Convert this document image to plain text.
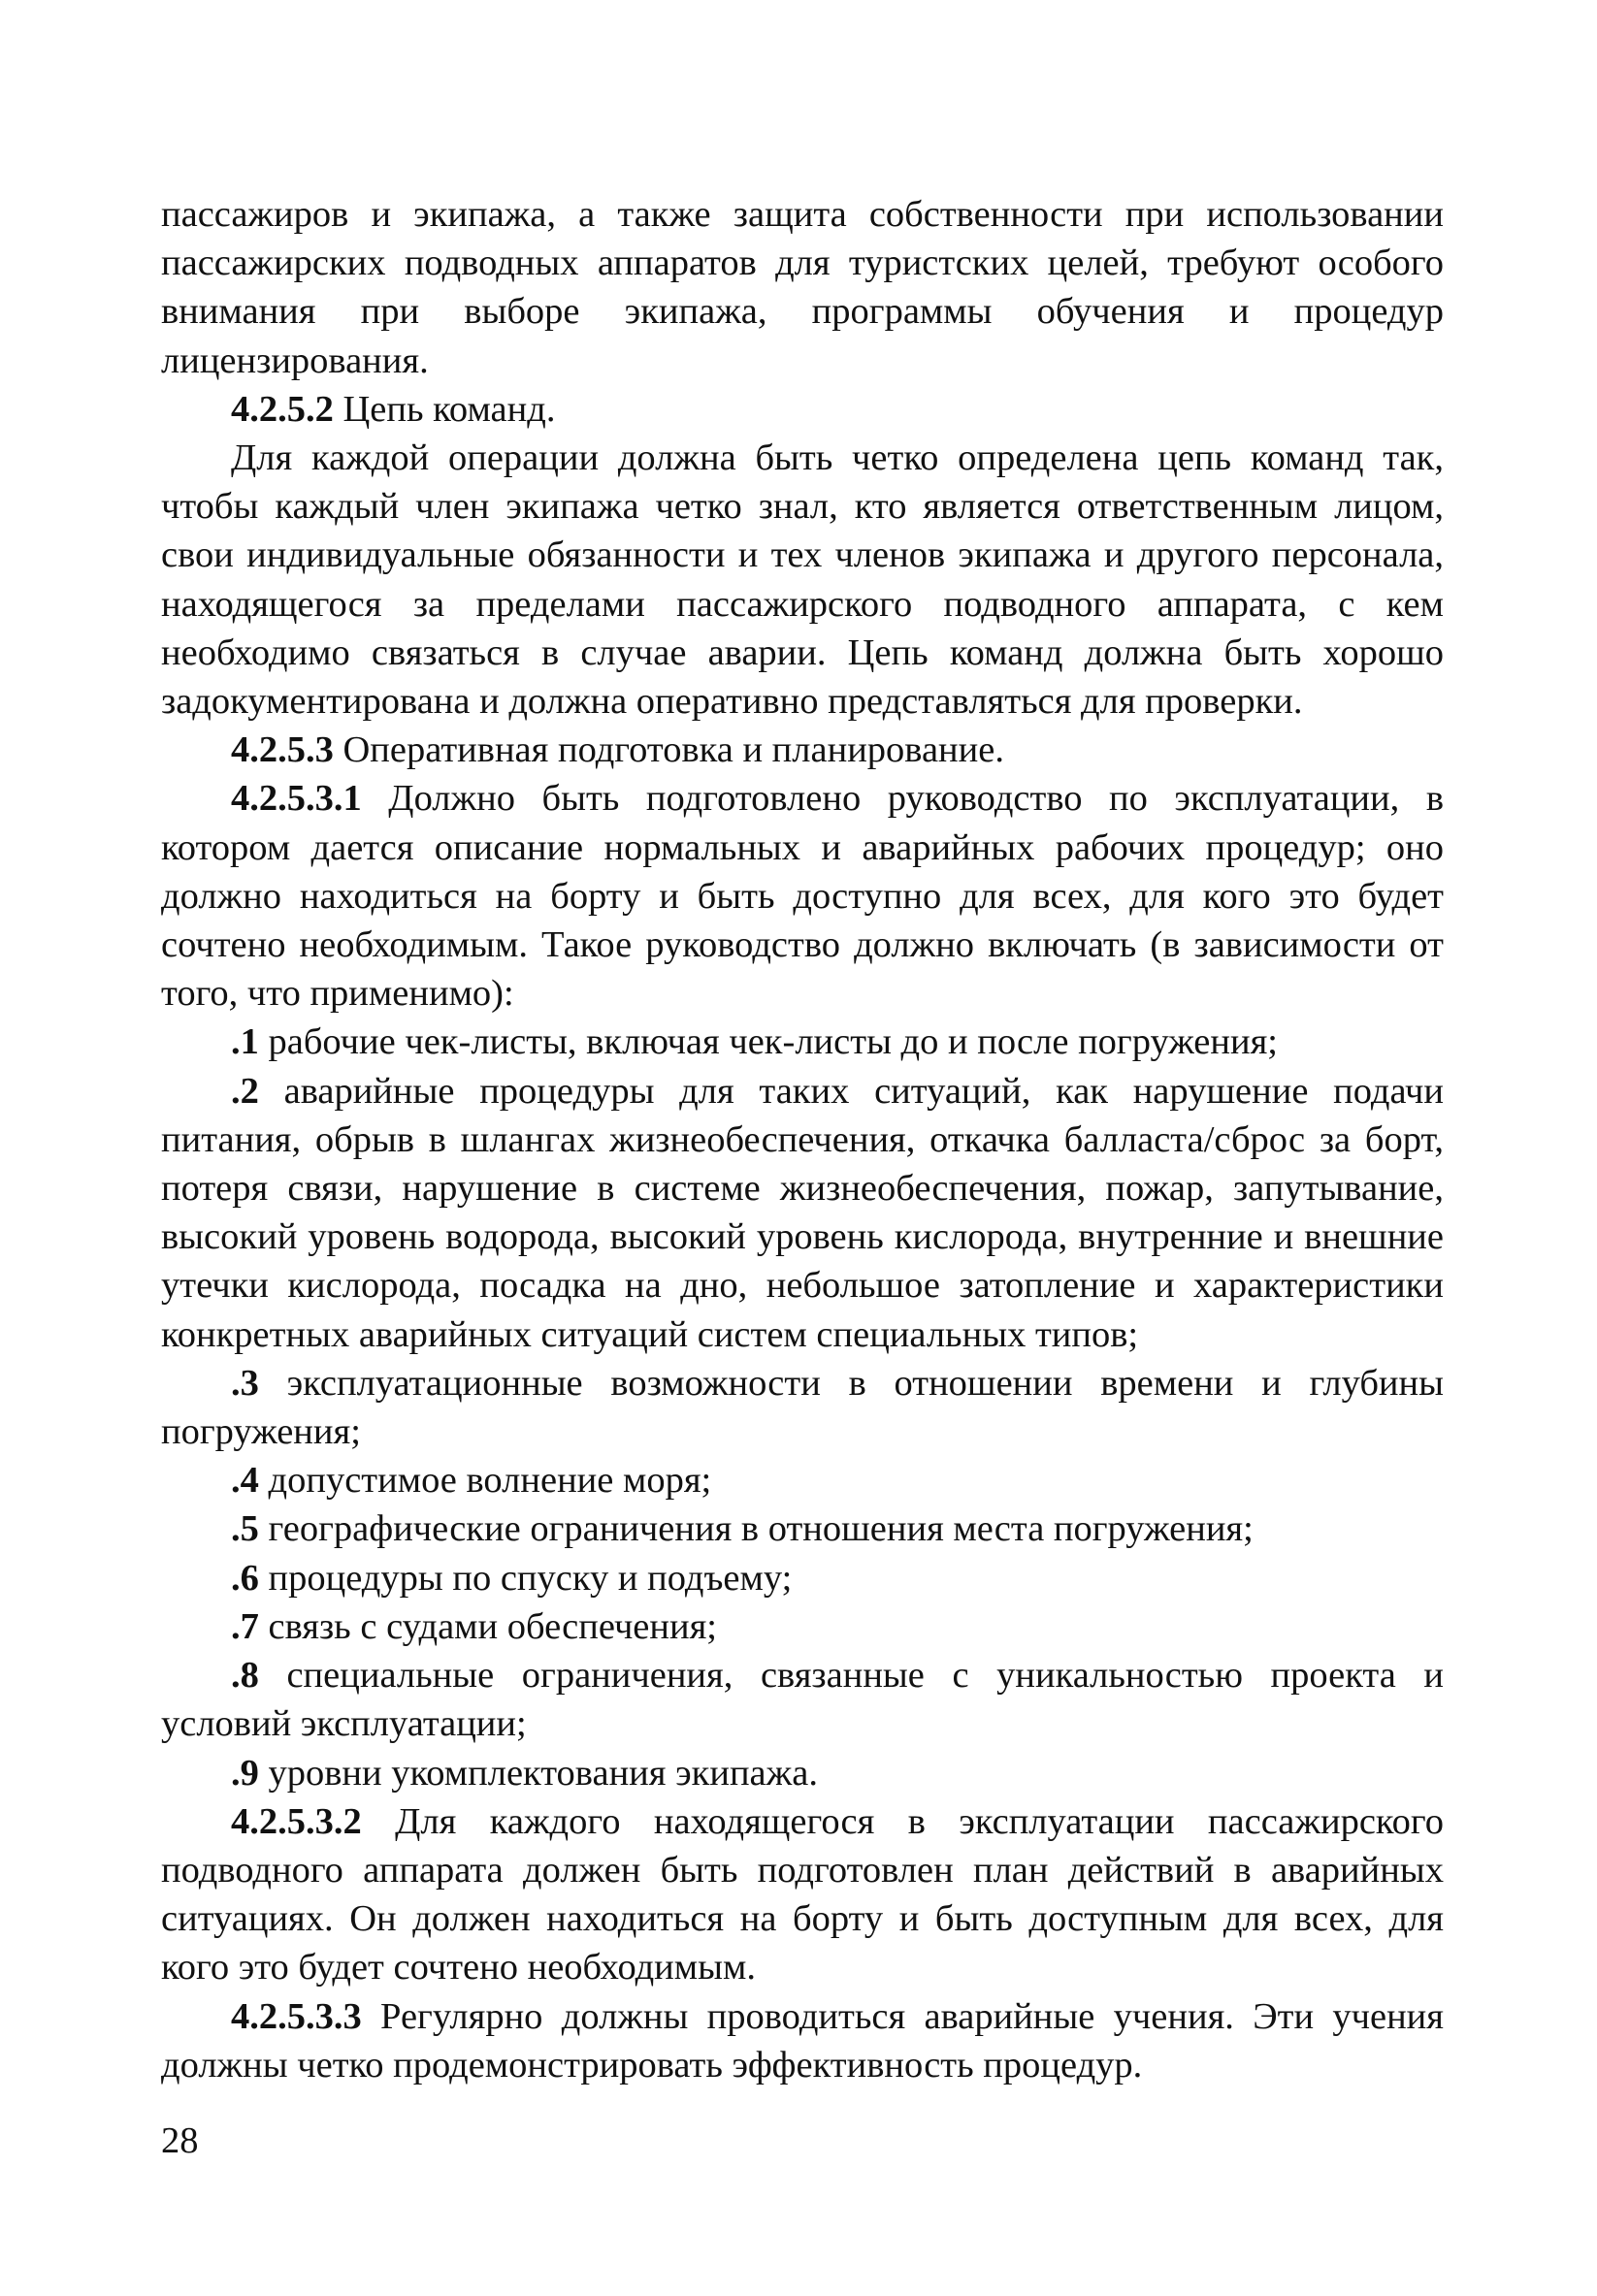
пассажиров и экипажа, а также защита собственности при использовании пассажирских подводных аппаратов для туристских целей, требуют особого внимания при выборе экипажа, программы обучения и процедур лицензирования.

4.2.5.2 Цепь команд.

Для каждой операции должна быть четко определена цепь команд так, чтобы каждый член экипажа четко знал, кто является ответственным лицом, свои индивидуальные обязанности и тех членов экипажа и другого персонала, находящегося за пределами пассажирского подводного аппарата, с кем необходимо связаться в случае аварии. Цепь команд должна быть хорошо задокументирована и должна оперативно представляться для проверки.

4.2.5.3 Оперативная подготовка и планирование.

4.2.5.3.1 Должно быть подготовлено руководство по эксплуатации, в котором дается описание нормальных и аварийных рабочих процедур; оно должно находиться на борту и быть доступно для всех, для кого это будет сочтено необходимым. Такое руководство должно включать (в зависимости от того, что применимо):

.1 рабочие чек-листы, включая чек-листы до и после погружения;

.2 аварийные процедуры для таких ситуаций, как нарушение подачи питания, обрыв в шлангах жизнеобеспечения, откачка балласта/сброс за борт, потеря связи, нарушение в системе жизнеобеспечения, пожар, запутывание, высокий уровень водорода, высокий уровень кислорода, внутренние и внешние утечки кислорода, посадка на дно, небольшое затопление и характеристики конкретных аварийных ситуаций систем специальных типов;

.3 эксплуатационные возможности в отношении времени и глубины погружения;

.4 допустимое волнение моря;

.5 географические ограничения в отношения места погружения;

.6 процедуры по спуску и подъему;

.7 связь с судами обеспечения;

.8 специальные ограничения, связанные с уникальностью проекта и условий эксплуатации;

.9 уровни укомплектования экипажа.

4.2.5.3.2 Для каждого находящегося в эксплуатации пассажирского подводного аппарата должен быть подготовлен план действий в аварийных ситуациях. Он должен находиться на борту и быть доступным для всех, для кого это будет сочтено необходимым.

4.2.5.3.3 Регулярно должны проводиться аварийные учения. Эти учения должны четко продемонстрировать эффективность процедур.

28
